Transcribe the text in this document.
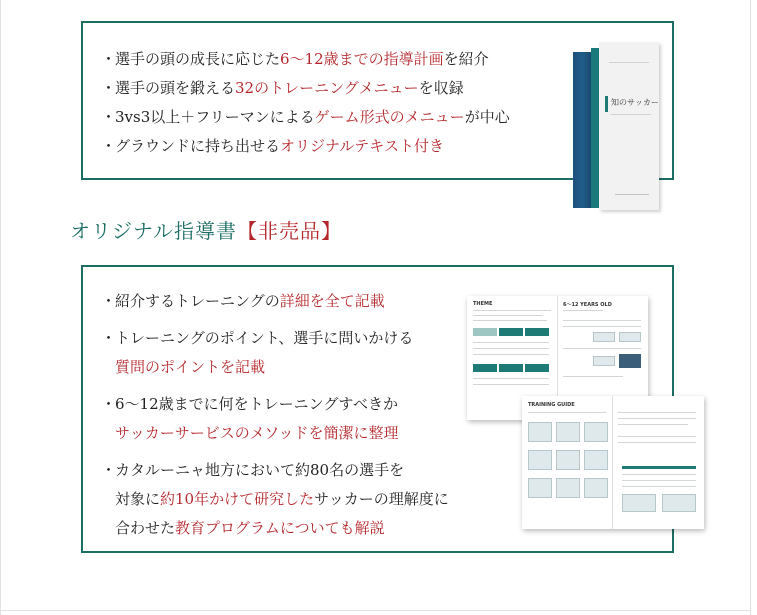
・選手の頭の成長に応じた6～12歳までの指導計画を紹介
・選手の頭を鍛える32のトレーニングメニューを収録
・3vs3以上＋フリーマンによるゲーム形式のメニューが中心
・グラウンドに持ち出せるオリジナルテキスト付き
知のサッカー
オリジナル指導書【非売品】
・紹介するトレーニングの詳細を全て記載
・トレーニングのポイント、選手に問いかける
質問のポイントを記載
・6～12歳までに何をトレーニングすべきか
サッカーサービスのメソッドを簡潔に整理
・カタルーニャ地方において約80名の選手を
対象に約10年かけて研究したサッカーの理解度に
合わせた教育プログラムについても解説
THEME	6～12 YEARS OLD
TRAINING GUIDE
